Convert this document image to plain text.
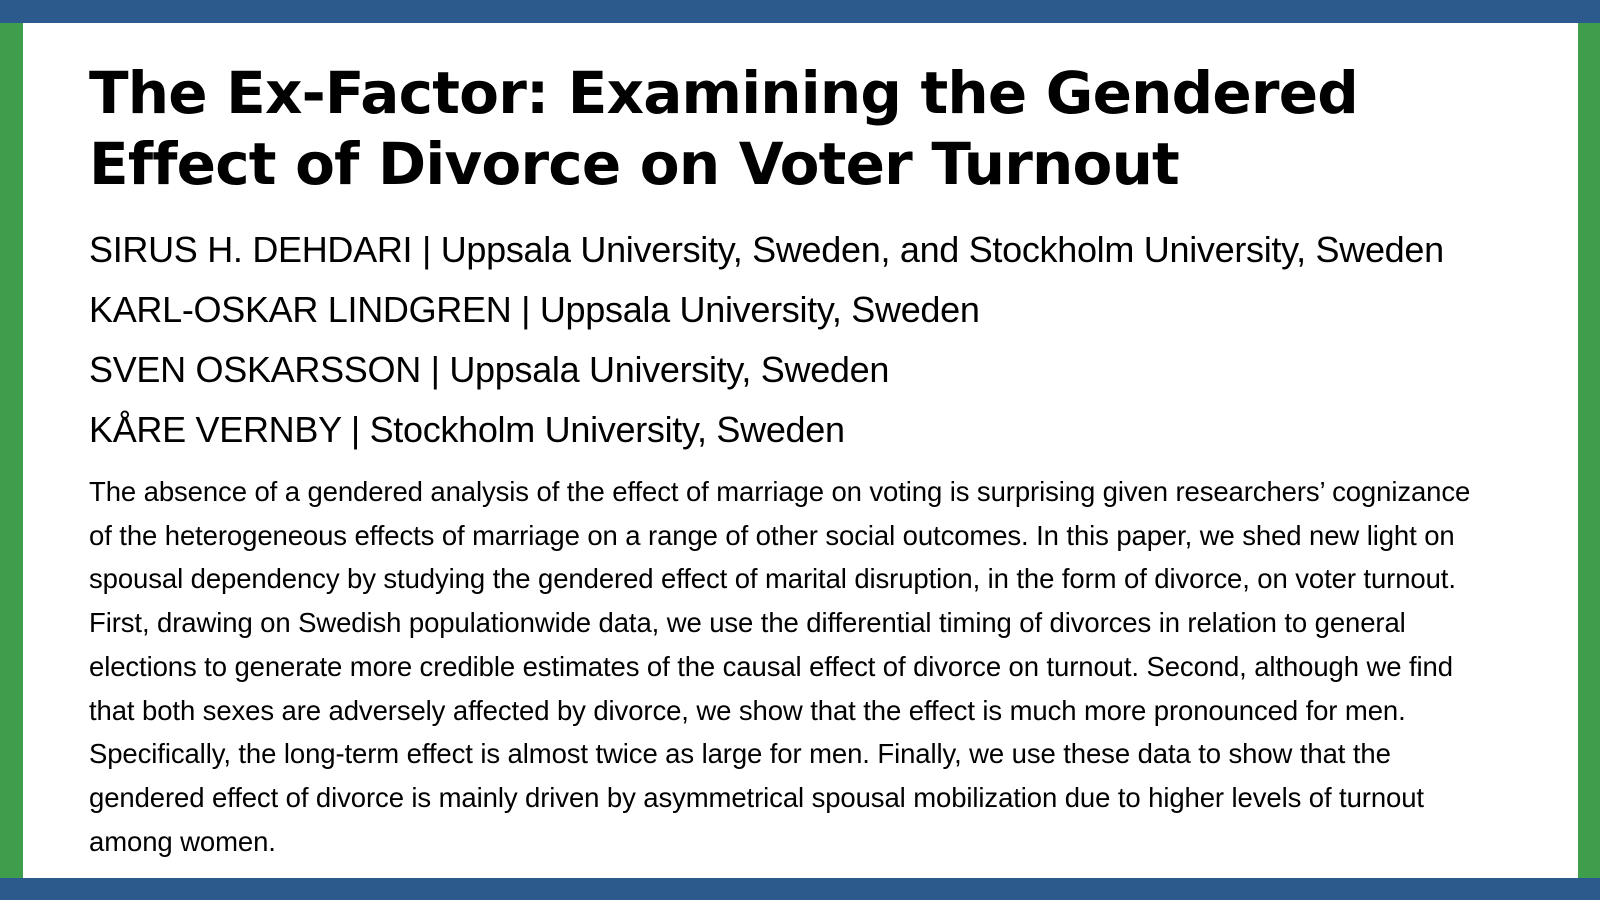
The Ex-Factor: Examining the Gendered Effect of Divorce on Voter Turnout
SIRUS H. DEHDARI | Uppsala University, Sweden, and Stockholm University, Sweden
KARL-OSKAR LINDGREN | Uppsala University, Sweden
SVEN OSKARSSON | Uppsala University, Sweden
KÅRE VERNBY | Stockholm University, Sweden

The absence of a gendered analysis of the effect of marriage on voting is surprising given researchers’ cognizance of the heterogeneous effects of marriage on a range of other social outcomes. In this paper, we shed new light on spousal dependency by studying the gendered effect of marital disruption, in the form of divorce, on voter turnout. First, drawing on Swedish populationwide data, we use the differential timing of divorces in relation to general elections to generate more credible estimates of the causal effect of divorce on turnout. Second, although we find that both sexes are adversely affected by divorce, we show that the effect is much more pronounced for men. Specifically, the long-term effect is almost twice as large for men. Finally, we use these data to show that the gendered effect of divorce is mainly driven by asymmetrical spousal mobilization due to higher levels of turnout among women.
